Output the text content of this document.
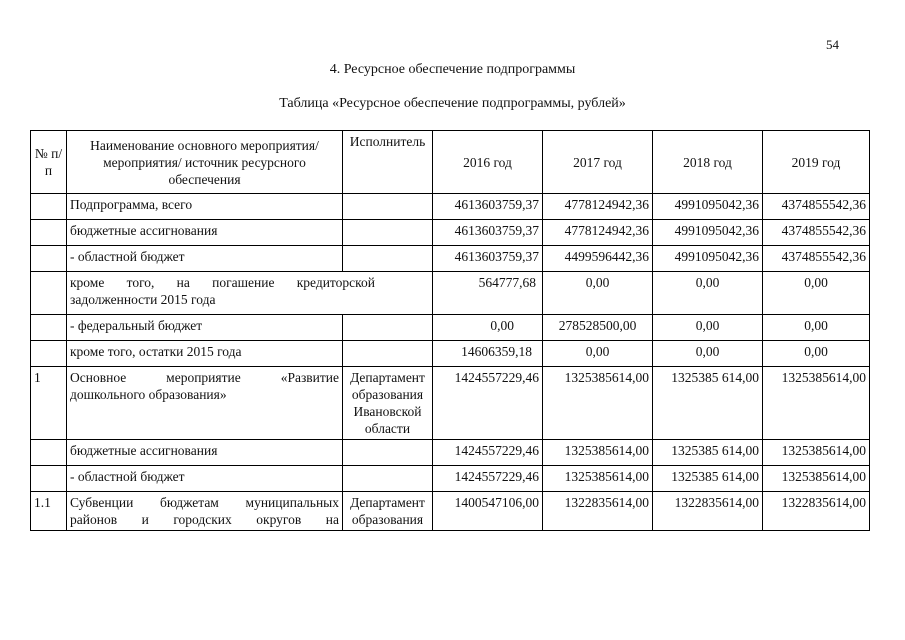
54
4. Ресурсное обеспечение подпрограммы
Таблица «Ресурсное обеспечение подпрограммы, рублей»
№ п/п	Наименование основного мероприятия/мероприятия/ источник ресурсного обеспечения	Исполнитель	2016 год	2017 год	2018 год	2019 год
	Подпрограмма, всего		4613603759,37	4778124942,36	4991095042,36	4374855542,36
	бюджетные ассигнования		4613603759,37	4778124942,36	4991095042,36	4374855542,36
	- областной бюджет		4613603759,37	4499596442,36	4991095042,36	4374855542,36

	кроме того, на погашение кредиторской
задолженности 2015 года		564777,68	0,00	0,00	0,00
	- федеральный бюджет		0,00	278528500,00	0,00	0,00
	кроме того, остатки 2015 года		14606359,18	0,00	0,00	0,00
1	Основное мероприятие «Развитие
дошкольного образования»	Департамент образования Ивановской области	1424557229,46	1325385614,00	1325385 614,00	1325385614,00
	бюджетные ассигнования		1424557229,46	1325385614,00	1325385 614,00	1325385614,00
	- областной бюджет		1424557229,46	1325385614,00	1325385 614,00	1325385614,00
1.1	Субвенции бюджетам муниципальных
районов и городских округов на	Департамент образования	1400547106,00	1322835614,00	1322835614,00	1322835614,00
